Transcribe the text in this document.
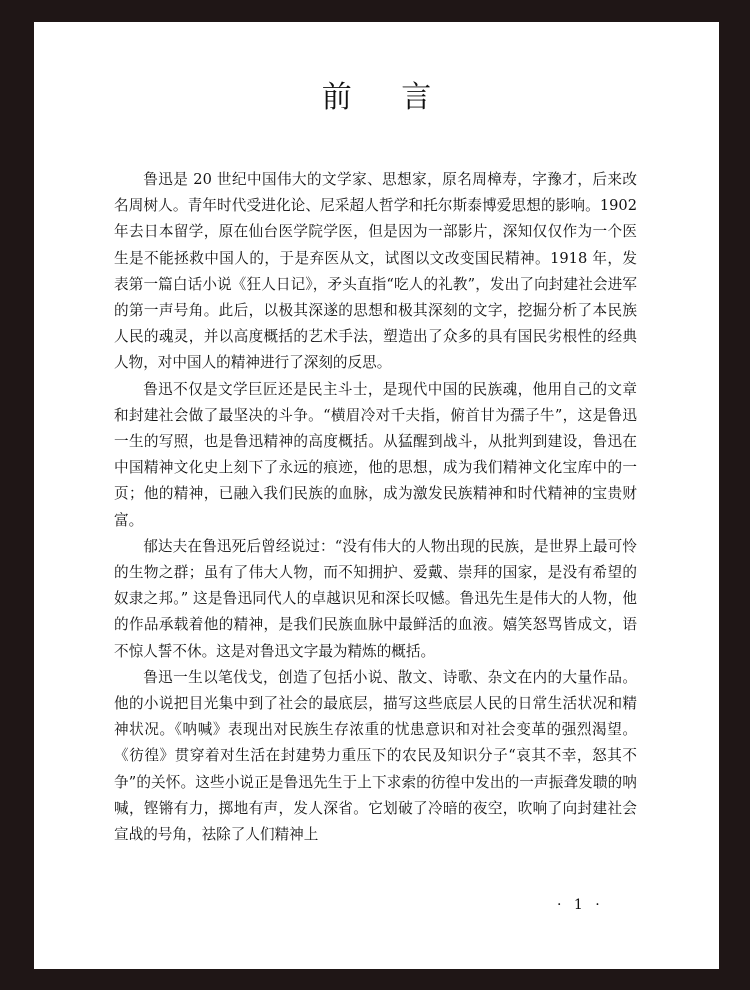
前 言

鲁迅是 20 世纪中国伟大的文学家、思想家，原名周樟寿，字豫才，后来改名周树人。青年时代受进化论、尼采超人哲学和托尔斯泰博爱思想的影响。1902 年去日本留学，原在仙台医学院学医，但是因为一部影片，深知仅仅作为一个医生是不能拯救中国人的，于是弃医从文，试图以文改变国民精神。1918 年，发表第一篇白话小说《狂人日记》，矛头直指“吃人的礼教”，发出了向封建社会进军的第一声号角。此后，以极其深遂的思想和极其深刻的文字，挖掘分析了本民族人民的魂灵，并以高度概括的艺术手法，塑造出了众多的具有国民劣根性的经典人物，对中国人的精神进行了深刻的反思。

鲁迅不仅是文学巨匠还是民主斗士，是现代中国的民族魂，他用自己的文章和封建社会做了最坚决的斗争。“横眉冷对千夫指，俯首甘为孺子牛”，这是鲁迅一生的写照，也是鲁迅精神的高度概括。从猛醒到战斗，从批判到建设，鲁迅在中国精神文化史上刻下了永远的痕迹，他的思想，成为我们精神文化宝库中的一页；他的精神，已融入我们民族的血脉，成为激发民族精神和时代精神的宝贵财富。

郁达夫在鲁迅死后曾经说过：“没有伟大的人物出现的民族，是世界上最可怜的生物之群；虽有了伟大人物，而不知拥护、爱戴、崇拜的国家，是没有希望的奴隶之邦。” 这是鲁迅同代人的卓越识见和深长叹憾。鲁迅先生是伟大的人物，他的作品承载着他的精神，是我们民族血脉中最鲜活的血液。嬉笑怒骂皆成文，语不惊人誓不休。这是对鲁迅文字最为精炼的概括。

鲁迅一生以笔伐戈，创造了包括小说、散文、诗歌、杂文在内的大量作品。他的小说把目光集中到了社会的最底层，描写这些底层人民的日常生活状况和精神状况。《呐喊》表现出对民族生存浓重的忧患意识和对社会变革的强烈渴望。《彷徨》贯穿着对生活在封建势力重压下的农民及知识分子“哀其不幸，怒其不争”的关怀。这些小说正是鲁迅先生于上下求索的彷徨中发出的一声振聋发聩的呐喊，铿锵有力，掷地有声，发人深省。它划破了冷暗的夜空，吹响了向封建社会宣战的号角，祛除了人们精神上

· 1 ·
